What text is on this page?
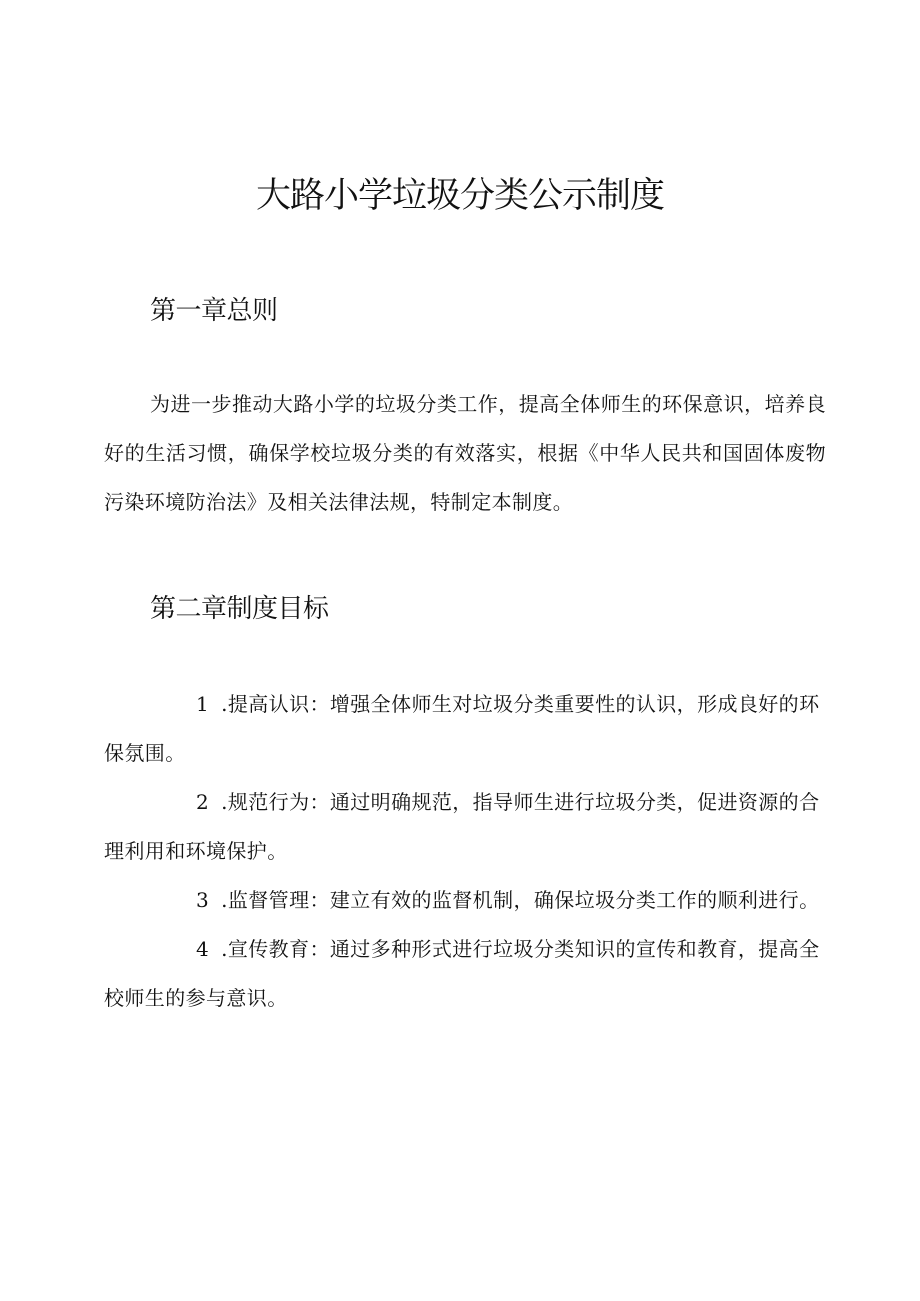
大路小学垃圾分类公示制度
第一章总则
为进一步推动大路小学的垃圾分类工作，提高全体师生的环保意识，培养良好的生活习惯，确保学校垃圾分类的有效落实，根据《中华人民共和国固体废物污染环境防治法》及相关法律法规，特制定本制度。
第二章制度目标
1 .提高认识：增强全体师生对垃圾分类重要性的认识，形成良好的环保氛围。
2 .规范行为：通过明确规范，指导师生进行垃圾分类，促进资源的合理利用和环境保护。
3 .监督管理：建立有效的监督机制，确保垃圾分类工作的顺利进行。
4 .宣传教育：通过多种形式进行垃圾分类知识的宣传和教育，提高全校师生的参与意识。
